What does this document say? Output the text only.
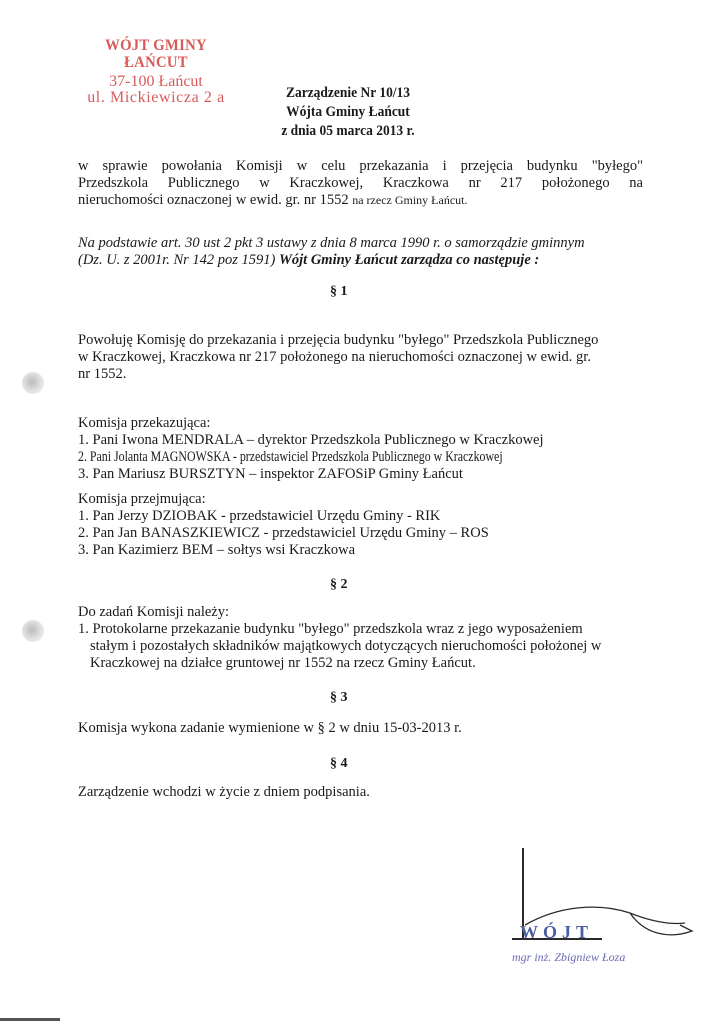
WÓJT GMINY ŁAŃCUT
37-100 Łańcut
ul. Mickiewicza 2 a	Zarządzenie Nr 10/13
Wójta Gminy Łańcut
z dnia 05 marca 2013 r.
w sprawie powołania Komisji w celu przekazania i przejęcia budynku "byłego"
Przedszkola Publicznego w Kraczkowej, Kraczkowa nr 217 położonego na
nieruchomości oznaczonej w ewid. gr. nr 1552 na rzecz Gminy Łańcut.
Na podstawie art. 30 ust 2 pkt 3 ustawy z dnia 8 marca 1990 r. o samorządzie gminnym
(Dz. U. z 2001r. Nr 142 poz 1591) Wójt Gminy Łańcut zarządza co następuje :
§ 1
Powołuję Komisję do przekazania i przejęcia budynku "byłego" Przedszkola Publicznego
w Kraczkowej, Kraczkowa nr 217 położonego na nieruchomości oznaczonej w ewid. gr.
nr 1552.
Komisja przekazująca:
1. Pani Iwona MENDRALA – dyrektor Przedszkola Publicznego w Kraczkowej
2. Pani Jolanta MAGNOWSKA - przedstawiciel Przedszkola Publicznego w Kraczkowej
3. Pan Mariusz BURSZTYN – inspektor ZAFOSiP Gminy Łańcut
Komisja przejmująca:
1. Pan Jerzy DZIOBAK - przedstawiciel Urzędu Gminy - RIK
2. Pan Jan BANASZKIEWICZ - przedstawiciel Urzędu Gminy – ROS
3. Pan Kazimierz BEM – sołtys wsi Kraczkowa
§ 2
Do zadań Komisji należy:
1. Protokolarne przekazanie budynku "byłego" przedszkola wraz z jego wyposażeniem
stałym i pozostałych składników majątkowych dotyczących nieruchomości położonej w
Kraczkowej na działce gruntowej nr 1552 na rzecz Gminy Łańcut.
§ 3
Komisja wykona zadanie wymienione w § 2 w dniu 15-03-2013 r.
§ 4
Zarządzenie wchodzi w życie z dniem podpisania.
WÓJT
mgr inż. Zbigniew Łoza
